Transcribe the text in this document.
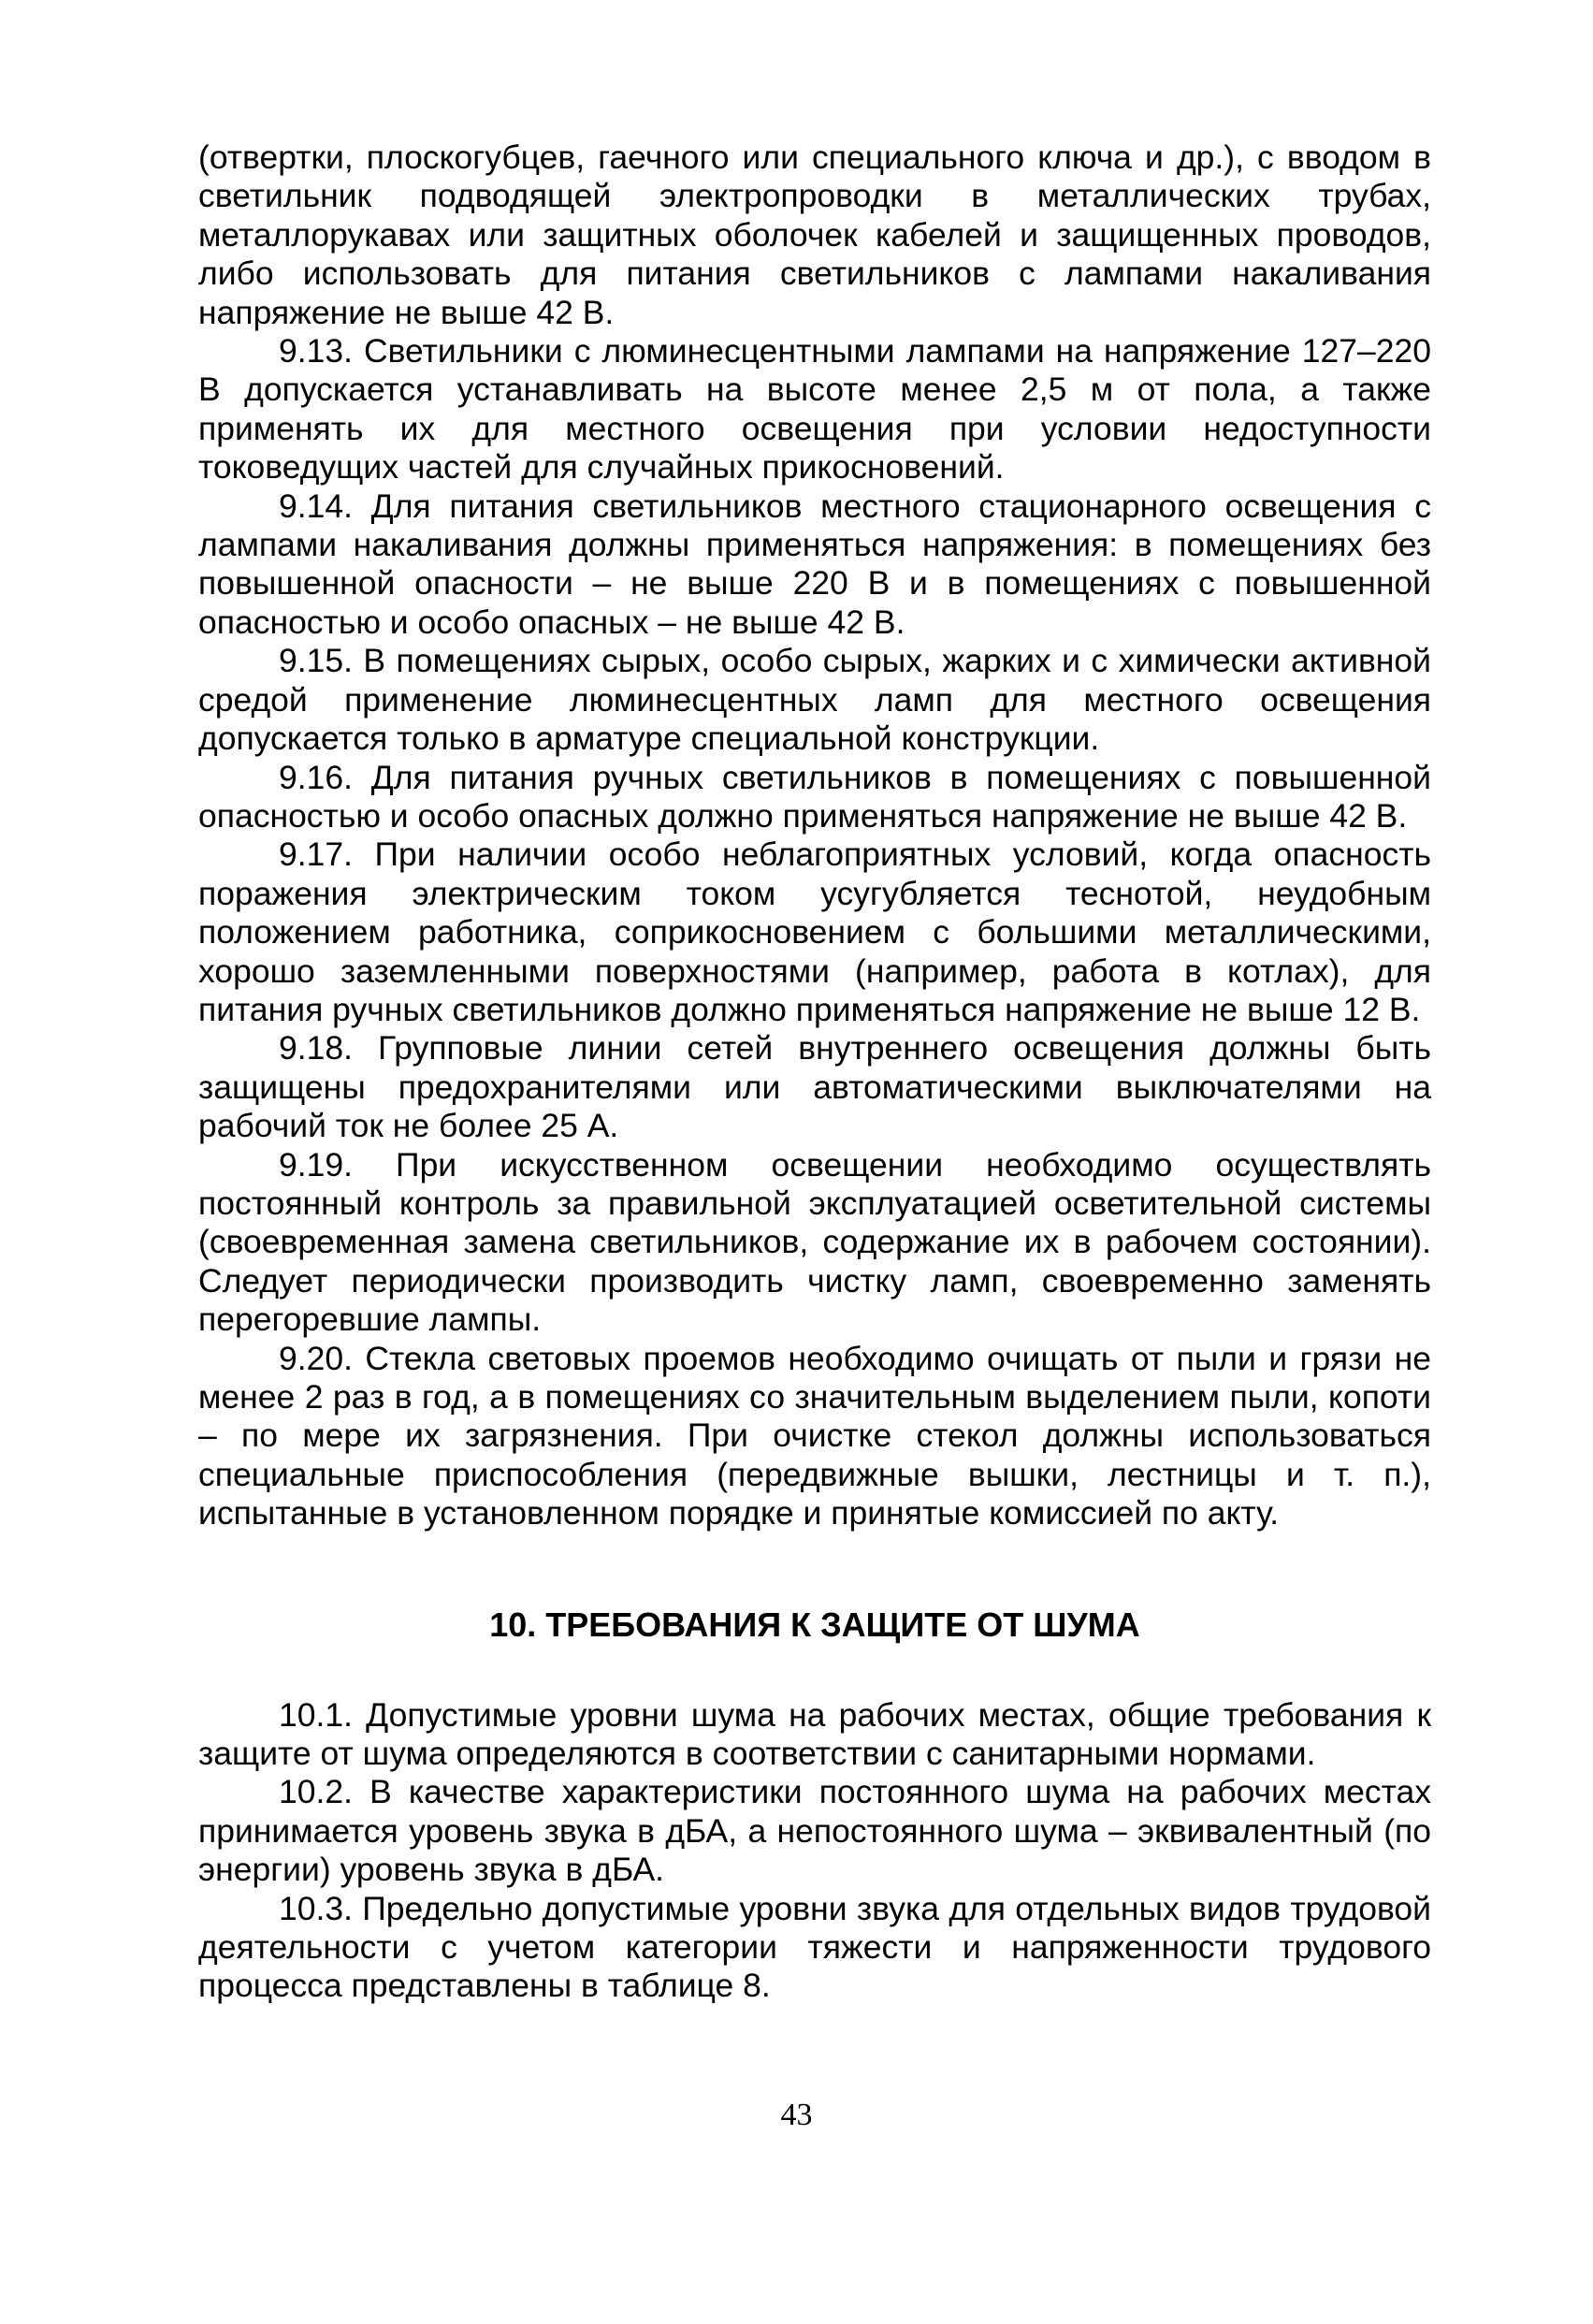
(отвертки, плоскогубцев, гаечного или специального ключа и др.), с вводом в светильник подводящей электропроводки в металлических трубах, металлорукавах или защитных оболочек кабелей и защищенных проводов, либо использовать для питания светильников с лампами накаливания напряжение не выше 42 В.

9.13. Светильники с люминесцентными лампами на напряжение 127–220 В допускается устанавливать на высоте менее 2,5 м от пола, а также применять их для местного освещения при условии недоступности токоведущих частей для случайных прикосновений.

9.14. Для питания светильников местного стационарного освещения с лампами накаливания должны применяться напряжения: в помещениях без повышенной опасности – не выше 220 В и в помещениях с повышенной опасностью и особо опасных – не выше 42 В.

9.15. В помещениях сырых, особо сырых, жарких и с химически активной средой применение люминесцентных ламп для местного освещения допускается только в арматуре специальной конструкции.

9.16. Для питания ручных светильников в помещениях с повышенной опасностью и особо опасных должно применяться напряжение не выше 42 В.

9.17. При наличии особо неблагоприятных условий, когда опасность поражения электрическим током усугубляется теснотой, неудобным положением работника, соприкосновением с большими металлическими, хорошо заземленными поверхностями (например, работа в котлах), для питания ручных светильников должно применяться напряжение не выше 12 В.

9.18. Групповые линии сетей внутреннего освещения должны быть защищены предохранителями или автоматическими выключателями на рабочий ток не более 25 А.

9.19. При искусственном освещении необходимо осуществлять постоянный контроль за правильной эксплуатацией осветительной системы (своевременная замена светильников, содержание их в рабочем состоянии). Следует периодически производить чистку ламп, своевременно заменять перегоревшие лампы.

9.20. Стекла световых проемов необходимо очищать от пыли и грязи не менее 2 раз в год, а в помещениях со значительным выделением пыли, копоти – по мере их загрязнения. При очистке стекол должны использоваться специальные приспособления (передвижные вышки, лестницы и т. п.), испытанные в установленном порядке и принятые комиссией по акту.

10. ТРЕБОВАНИЯ К ЗАЩИТЕ ОТ ШУМА

10.1. Допустимые уровни шума на рабочих местах, общие требования к защите от шума определяются в соответствии с санитарными нормами.

10.2. В качестве характеристики постоянного шума на рабочих местах принимается уровень звука в дБА, а непостоянного шума – эквивалентный (по энергии) уровень звука в дБА.

10.3. Предельно допустимые уровни звука для отдельных видов трудовой деятельности с учетом категории тяжести и напряженности трудового процесса представлены в таблице 8.

43
